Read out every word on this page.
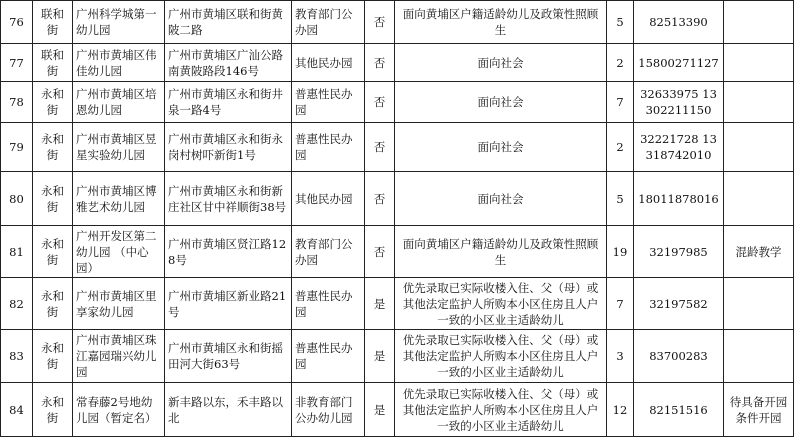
76	联和街	广州科学城第一幼儿园	广州市黄埔区联和街黄陂二路	教育部门公办园	否	面向黄埔区户籍适龄幼儿及政策性照顾生	5	82513390	
77	联和街	广州市黄埔区伟佳幼儿园	广州市黄埔区广汕公路南黄陂路段146号	其他民办园	否	面向社会	2	15800271127	
78	永和街	广州市黄埔区培恩幼儿园	广州市黄埔区永和街井泉一路4号	普惠性民办园	否	面向社会	7	32633975 13302211150	
79	永和街	广州市黄埔区昱星实验幼儿园	广州市黄埔区永和街永岗村树吓新街1号	普惠性民办园	否	面向社会	2	32221728 13318742010	
80	永和街	广州市黄埔区博雅艺术幼儿园	广州市黄埔区永和街新庄社区甘中祥顺街38号	其他民办园	否	面向社会	5	18011878016	
81	永和街	广州开发区第二幼儿园 （中心园）	广州市黄埔区贤江路128号	教育部门公办园	否	面向黄埔区户籍适龄幼儿及政策性照顾生	19	32197985	混龄教学
82	永和街	广州市黄埔区里享家幼儿园	广州市黄埔区新业路21号	普惠性民办园	是	优先录取已实际收楼入住、父（母）或其他法定监护人所购本小区住房且人户一致的小区业主适龄幼儿	7	32197582	
83	永和街	广州市黄埔区珠江嘉园瑞兴幼儿园	广州市黄埔区永和街摇田河大街63号	普惠性民办园	是	优先录取已实际收楼入住、父（母）或其他法定监护人所购本小区住房且人户一致的小区业主适龄幼儿	3	83700283	
84	永和街	常春藤2号地幼儿园（暂定名）	新丰路以东，禾丰路以北	非教育部门公办幼儿园	是	优先录取已实际收楼入住、父（母）或其他法定监护人所购本小区住房且人户一致的小区业主适龄幼儿	12	82151516	待具备开园条件开园
